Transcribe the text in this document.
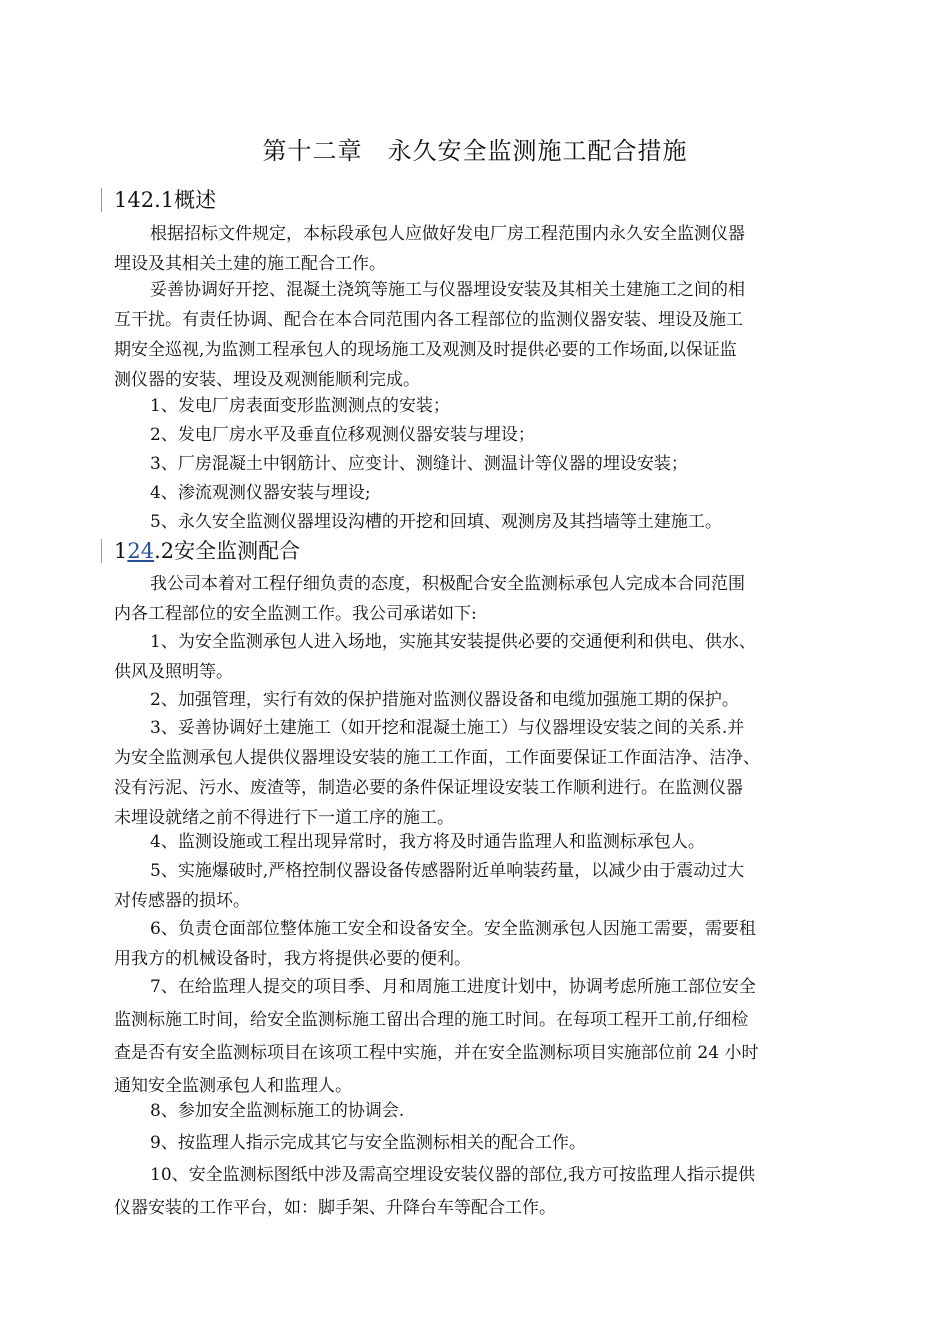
第十二章　永久安全监测施工配合措施
142.1概述
根据招标文件规定，本标段承包人应做好发电厂房工程范围内永久安全监测仪器
埋设及其相关土建的施工配合工作。
妥善协调好开挖、混凝土浇筑等施工与仪器埋设安装及其相关土建施工之间的相
互干扰。有责任协调、配合在本合同范围内各工程部位的监测仪器安装、埋设及施工
期安全巡视,为监测工程承包人的现场施工及观测及时提供必要的工作场面,以保证监
测仪器的安装、埋设及观测能顺利完成。
1、发电厂房表面变形监测测点的安装；
2、发电厂房水平及垂直位移观测仪器安装与埋设；
3、厂房混凝土中钢筋计、应变计、测缝计、测温计等仪器的埋设安装；
4、渗流观测仪器安装与埋设;
5、永久安全监测仪器埋设沟槽的开挖和回填、观测房及其挡墙等土建施工。
124.2安全监测配合
我公司本着对工程仔细负责的态度，积极配合安全监测标承包人完成本合同范围
内各工程部位的安全监测工作。我公司承诺如下:
1、为安全监测承包人进入场地，实施其安装提供必要的交通便利和供电、供水、
供风及照明等。
2、加强管理，实行有效的保护措施对监测仪器设备和电缆加强施工期的保护。
3、妥善协调好土建施工（如开挖和混凝土施工）与仪器埋设安装之间的关系.并
为安全监测承包人提供仪器埋设安装的施工工作面，工作面要保证工作面洁净、洁净、
没有污泥、污水、废渣等，制造必要的条件保证埋设安装工作顺利进行。在监测仪器
未埋设就绪之前不得进行下一道工序的施工。
4、监测设施或工程出现异常时，我方将及时通告监理人和监测标承包人。
5、实施爆破时,严格控制仪器设备传感器附近单响装药量，以减少由于震动过大
对传感器的损坏。
6、负责仓面部位整体施工安全和设备安全。安全监测承包人因施工需要，需要租
用我方的机械设备时，我方将提供必要的便利。
7、在给监理人提交的项目季、月和周施工进度计划中，协调考虑所施工部位安全
监测标施工时间，给安全监测标施工留出合理的施工时间。在每项工程开工前,仔细检
查是否有安全监测标项目在该项工程中实施，并在安全监测标项目实施部位前 24 小时
通知安全监测承包人和监理人。
8、参加安全监测标施工的协调会.
9、按监理人指示完成其它与安全监测标相关的配合工作。
10、安全监测标图纸中涉及需高空埋设安装仪器的部位,我方可按监理人指示提供
仪器安装的工作平台，如：脚手架、升降台车等配合工作。
